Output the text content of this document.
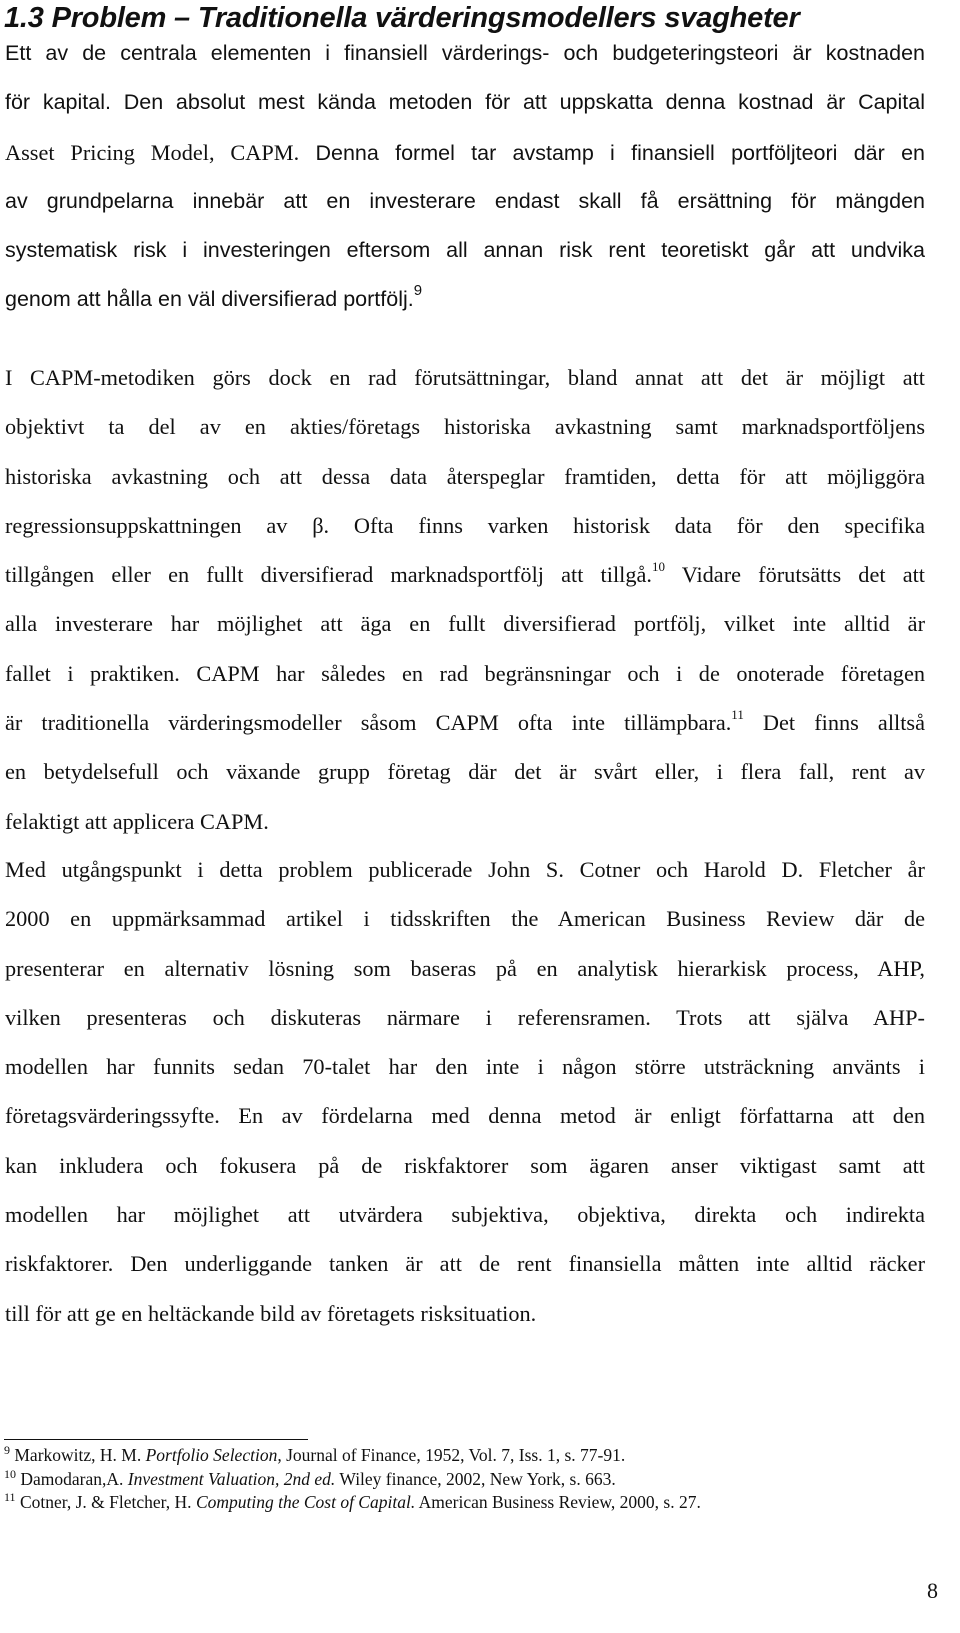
1.3 Problem – Traditionella värderingsmodellers svagheter
Ett av de centrala elementen i finansiell värderings- och budgeteringsteori är kostnaden
för kapital. Den absolut mest kända metoden för att uppskatta denna kostnad är Capital
Asset Pricing Model, CAPM. Denna formel tar avstamp i finansiell portföljteori där en
av grundpelarna innebär att en investerare endast skall få ersättning för mängden
systematisk risk i investeringen eftersom all annan risk rent teoretiskt går att undvika
genom att hålla en väl diversifierad portfölj.$^9$
I CAPM-metodiken görs dock en rad förutsättningar, bland annat att det är möjligt att
objektivt ta del av en akties/företags historiska avkastning samt marknadsportföljens
historiska avkastning och att dessa data återspeglar framtiden, detta för att möjliggöra
regressionsuppskattningen av β. Ofta finns varken historisk data för den specifika
tillgången eller en fullt diversifierad marknadsportfölj att tillgå.$^{10}$ Vidare förutsätts det att
alla investerare har möjlighet att äga en fullt diversifierad portfölj, vilket inte alltid är
fallet i praktiken. CAPM har således en rad begränsningar och i de onoterade företagen
är traditionella värderingsmodeller såsom CAPM ofta inte tillämpbara.$^{11}$ Det finns alltså
en betydelsefull och växande grupp företag där det är svårt eller, i flera fall, rent av
felaktigt att applicera CAPM.
Med utgångspunkt i detta problem publicerade John S. Cotner och Harold D. Fletcher år
2000 en uppmärksammad artikel i tidsskriften the American Business Review där de
presenterar en alternativ lösning som baseras på en analytisk hierarkisk process, AHP,
vilken presenteras och diskuteras närmare i referensramen. Trots att själva AHP-
modellen har funnits sedan 70-talet har den inte i någon större utsträckning använts i
företagsvärderingssyfte. En av fördelarna med denna metod är enligt författarna att den
kan inkludera och fokusera på de riskfaktorer som ägaren anser viktigast samt att
modellen har möjlighet att utvärdera subjektiva, objektiva, direkta och indirekta
riskfaktorer. Den underliggande tanken är att de rent finansiella måtten inte alltid räcker
till för att ge en heltäckande bild av företagets risksituation.
$^9$ Markowitz, H. M. Portfolio Selection, Journal of Finance, 1952, Vol. 7, Iss. 1, s. 77-91.
$^{10}$ Damodaran,A. Investment Valuation, 2nd ed. Wiley finance, 2002, New York, s. 663.
$^{11}$ Cotner, J. & Fletcher, H. Computing the Cost of Capital. American Business Review, 2000, s. 27.
8
